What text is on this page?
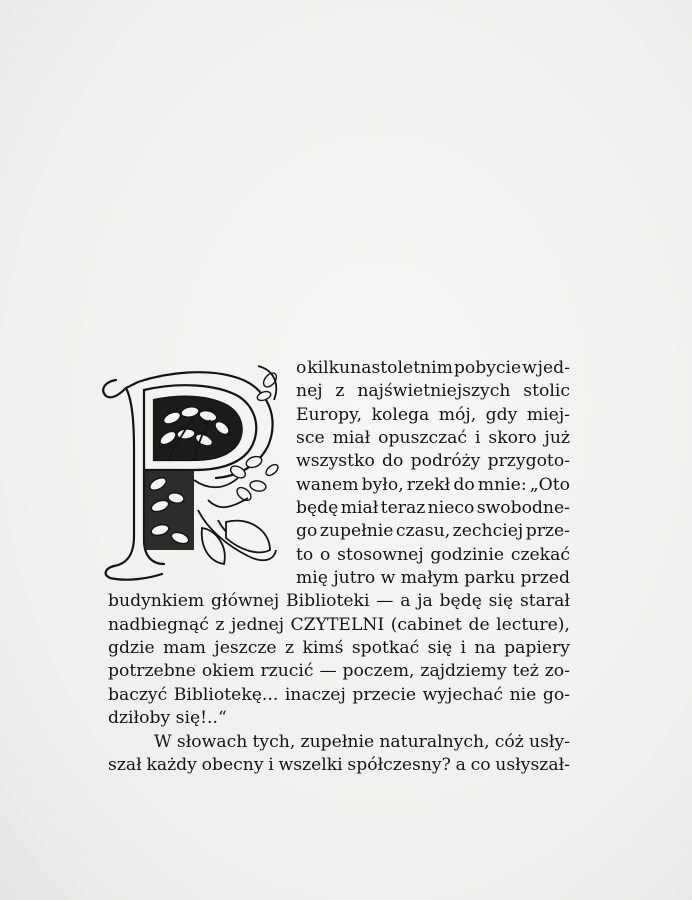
o kilkunastoletnim pobycie w jed-
nej z najświetniejszych stolic
Europy, kolega mój, gdy miej-
sce miał opuszczać i skoro już
wszystko do podróży przygoto-
wanem było, rzekł do mnie: „Oto
będę miał teraz nieco swobodne-
go zupełnie czasu, zechciej prze-
to o stosownej godzinie czekać
mię jutro w małym parku przed
budynkiem głównej Biblioteki — a ja będę się starał
nadbiegnąć z jednej CZYTELNI (cabinet de lecture),
gdzie mam jeszcze z kimś spotkać się i na papiery
potrzebne okiem rzucić — poczem, zajdziemy też zo-
baczyć Bibliotekę... inaczej przecie wyjechać nie go-
dziłoby się!..“
W słowach tych, zupełnie naturalnych, cóż usły-
szał każdy obecny i wszelki spółczesny? a co usłyszał-
